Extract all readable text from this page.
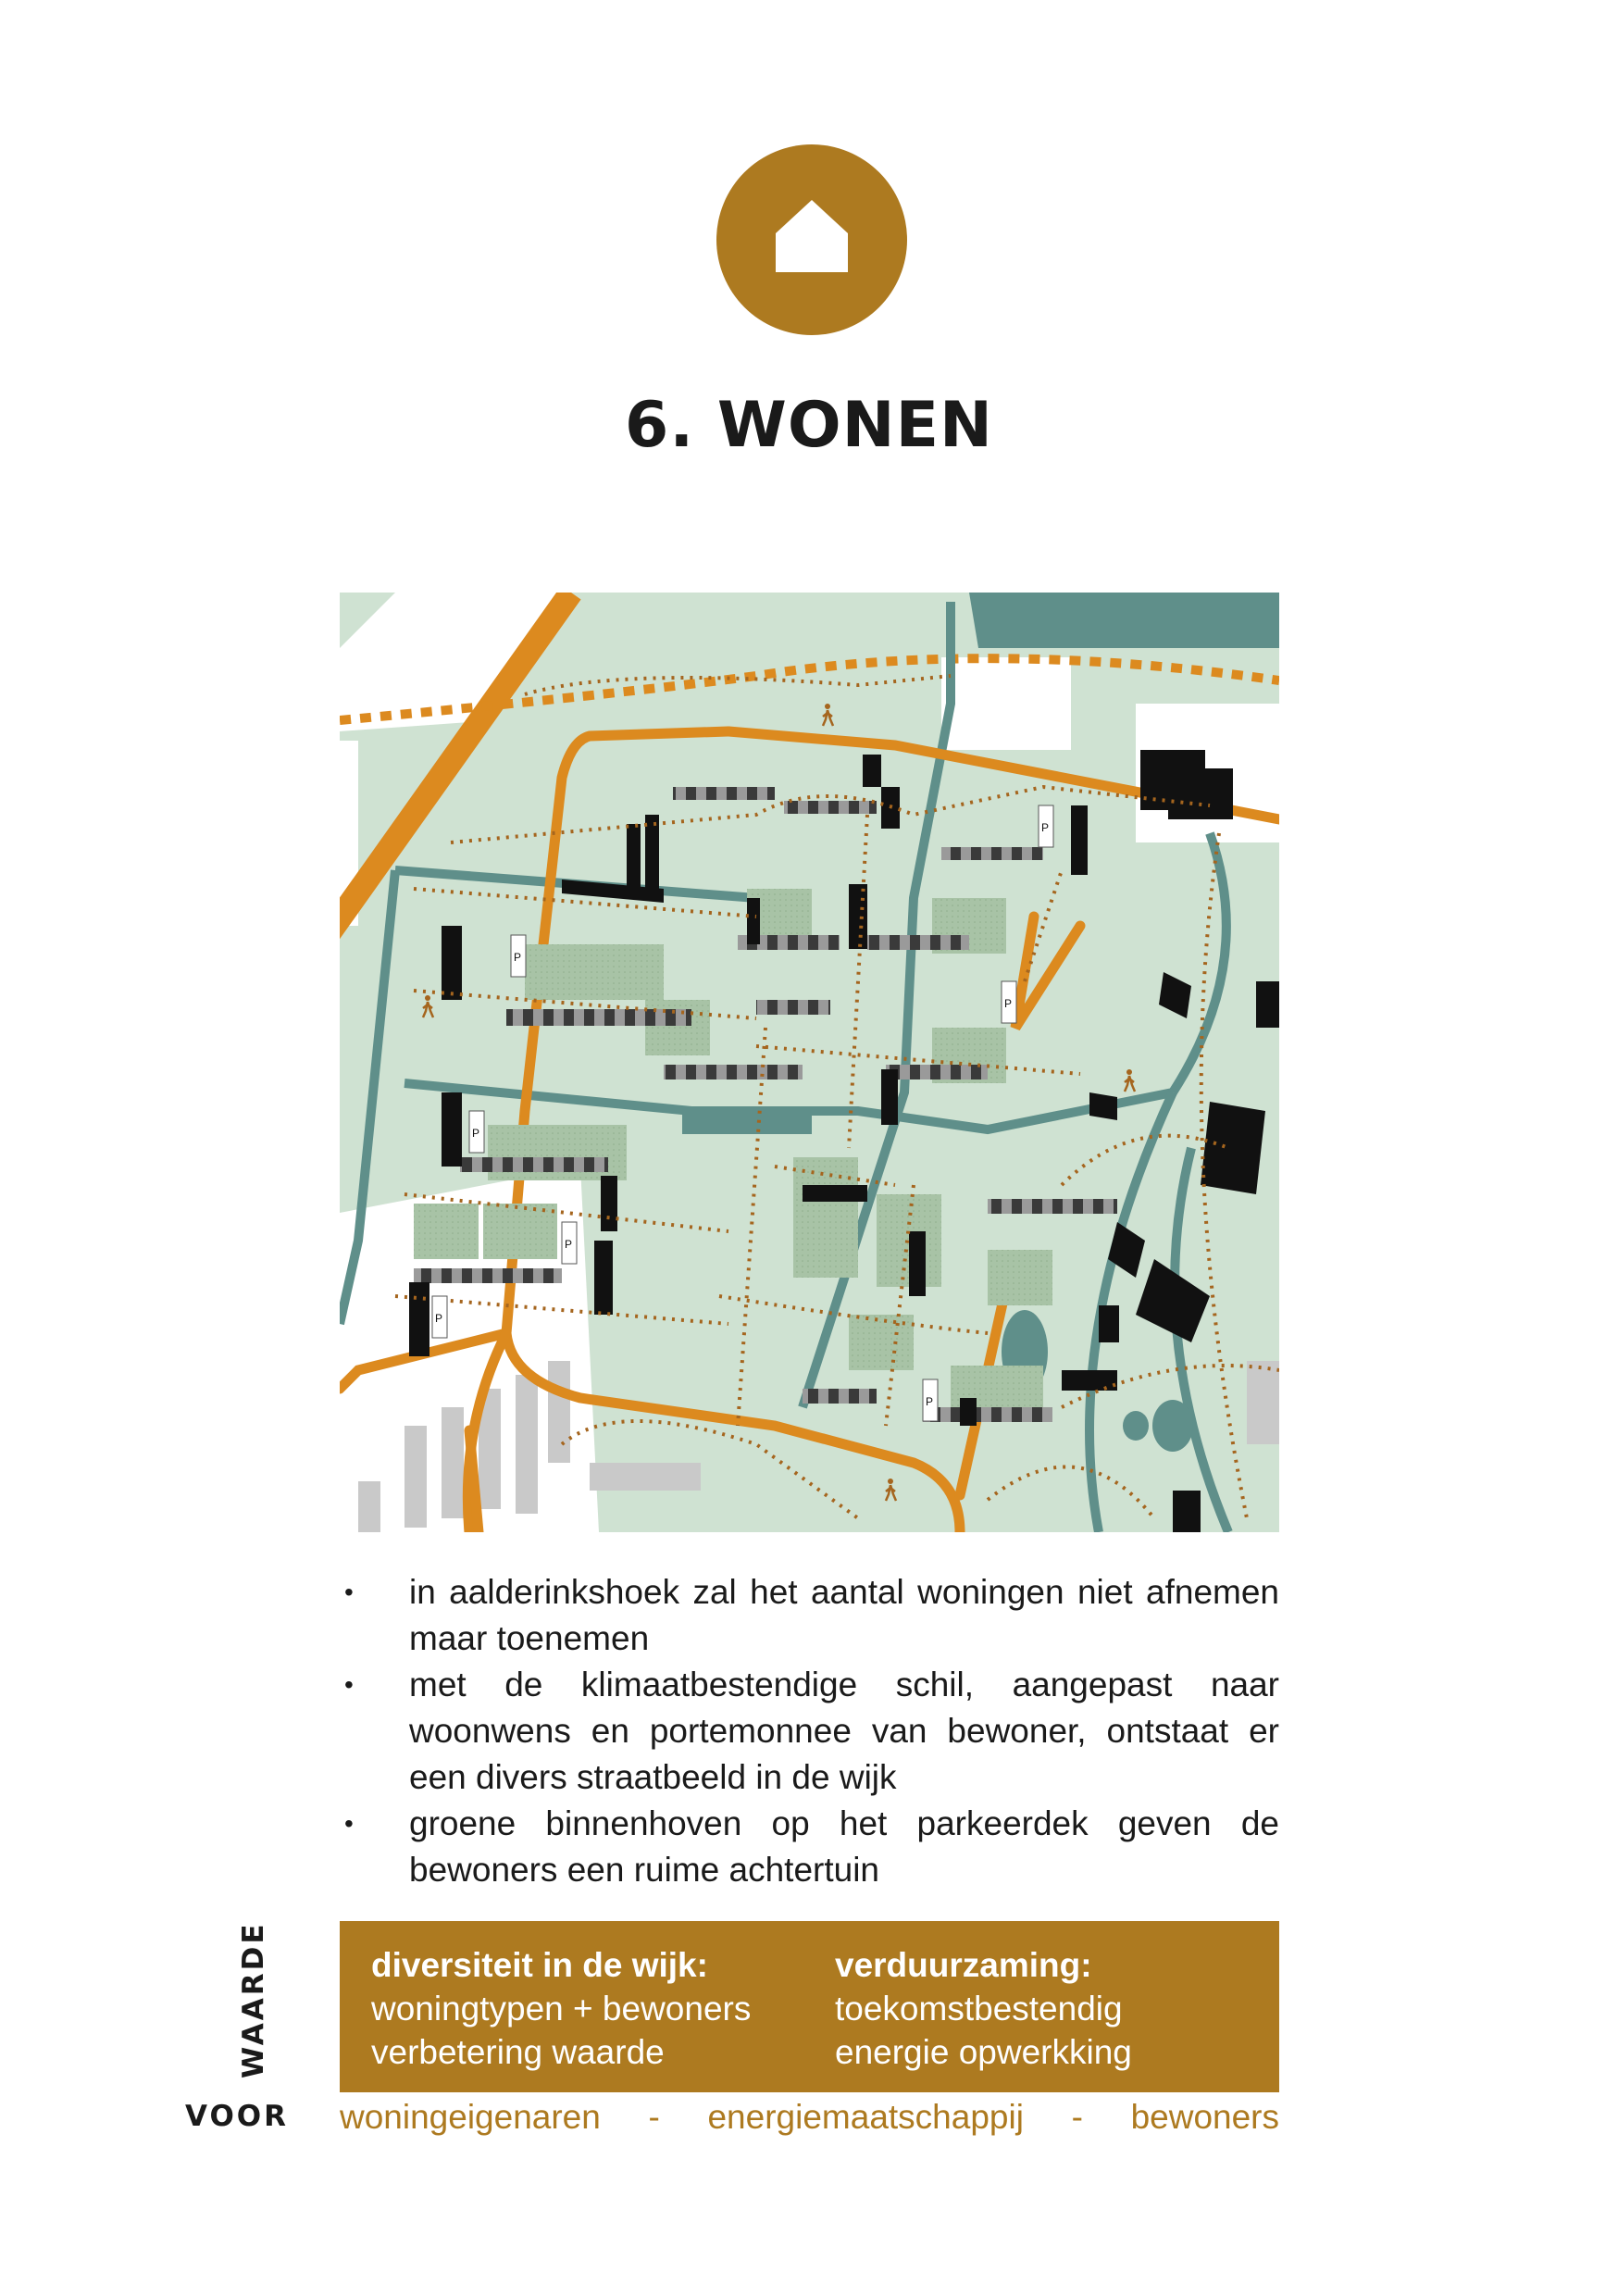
6. WONEN
P
P
P
P
P
P
P
• in aalderinkshoek zal het aantal woningen niet afnemen maar toenemen
• met de klimaatbestendige schil, aangepast naar woonwens en portemonnee van bewoner, ontstaat er een divers straatbeeld in de wijk
• groene binnenhoven op het parkeerdek geven de bewoners een ruime achtertuin
WAARDE
VOOR
diversiteit in de wijk:
woningtypen + bewoners
verbetering waarde
verduurzaming:
toekomstbestendig
energie opwerkking
woningeigenaren - energiemaatschappij - bewoners
